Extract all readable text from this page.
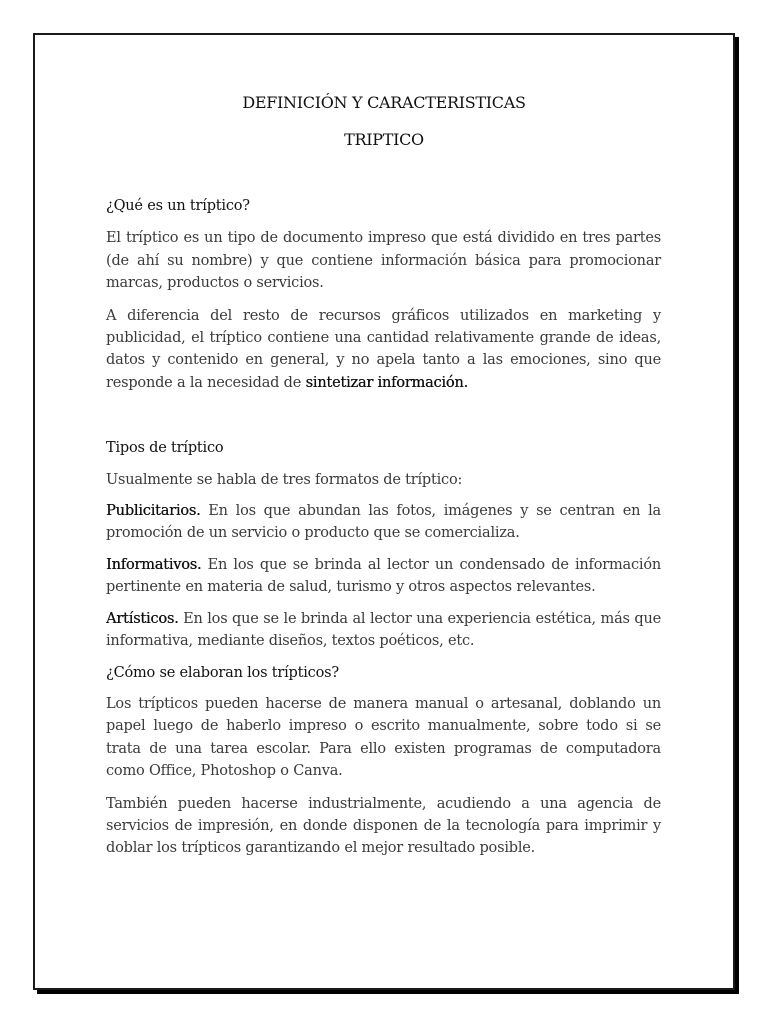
DEFINICIÓN Y CARACTERISTICAS
TRIPTICO

¿Qué es un tríptico?

El tríptico es un tipo de documento impreso que está dividido en tres partes (de ahí su nombre) y que contiene información básica para promocionar marcas, productos o servicios.

A diferencia del resto de recursos gráficos utilizados en marketing y publicidad, el tríptico contiene una cantidad relativamente grande de ideas, datos y contenido en general, y no apela tanto a las emociones, sino que responde a la necesidad de sintetizar información.

Tipos de tríptico

Usualmente se habla de tres formatos de tríptico:

Publicitarios. En los que abundan las fotos, imágenes y se centran en la promoción de un servicio o producto que se comercializa.

Informativos. En los que se brinda al lector un condensado de información pertinente en materia de salud, turismo y otros aspectos relevantes.

Artísticos. En los que se le brinda al lector una experiencia estética, más que informativa, mediante diseños, textos poéticos, etc.

¿Cómo se elaboran los trípticos?

Los trípticos pueden hacerse de manera manual o artesanal, doblando un papel luego de haberlo impreso o escrito manualmente, sobre todo si se trata de una tarea escolar. Para ello existen programas de computadora como Office, Photoshop o Canva.

También pueden hacerse industrialmente, acudiendo a una agencia de servicios de impresión, en donde disponen de la tecnología para imprimir y doblar los trípticos garantizando el mejor resultado posible.
